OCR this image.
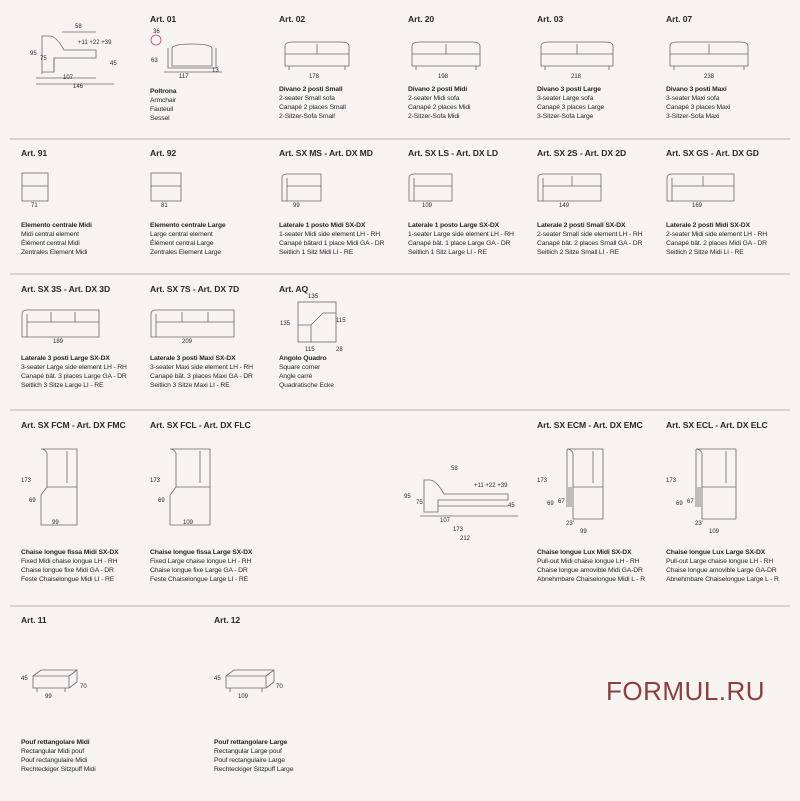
58
+11 +22 +39
95
75
45
107
146
Art. 01
36
63
117
13
Poltrona
Armchair
Fauteuil
Sessel
Art. 02
178
Divano 2 posti Small
2-seater Small sofa
Canapé 2 places Small
2-Sitzer-Sofa Small
Art. 20
198
Divano 2 posti Midi
2-seater Midi sofa
Canapé 2 places Midi
2-Sitzer-Sofa Midi
Art. 03
218
Divano 3 posti Large
3-seater Large sofa
Canapé 3 places Large
3-Sitzer-Sofa Large
Art. 07
238
Divano 3 posti Maxi
3-seater Maxi sofa
Canapé 3 places Maxi
3-Sitzer-Sofa Maxi
Art. 91
71
Elemento centrale Midi
Midi central element
Élément central Midi
Zentrales Element Midi
Art. 92
81
Elemento centrale Large
Large central element
Élément central Large
Zentrales Element Large
Art. SX MS - Art. DX MD
99
Laterale 1 posto Midi SX-DX
1-seater Midi side element LH - RH
Canapé bâtard 1 place Midi GA - DR
Seitlich 1 Sitz Midi LI - RE
Art. SX LS - Art. DX LD
109
Laterale 1 posto Large SX-DX
1-seater Large side element LH - RH
Canapé bât. 1 place Large GA - DR
Seitlich 1 Sitz Large LI - RE
Art. SX 2S - Art. DX 2D
149
Laterale 2 posti Small SX-DX
2-seater Small side element LH - RH
Canapé bât. 2 places Small GA - DR
Seitlich 2 Sitze Small LI - RE
Art. SX GS - Art. DX GD
169
Laterale 2 posti Midi SX-DX
2-seater Midi side element LH - RH
Canapé bât. 2 places Midi GA - DR
Seitlich 2 Sitze Midi LI - RE
Art. SX 3S - Art. DX 3D
189
Laterale 3 posti Large SX-DX
3-seater Large side element LH - RH
Canapé bât. 3 places Large GA - DR
Seitlich 3 Sitze Large LI - RE
Art. SX 7S - Art. DX 7D
209
Laterale 3 posti Maxi SX-DX
3-seater Maxi side element LH - RH
Canapé bât. 3 places Maxi GA - DR
Seitlich 3 Sitze Maxi LI - RE
Art. AQ
135
135	115
115	28
Angolo Quadro
Square corner
Angle carré
Quadratische Ecke
Art. SX FCM - Art. DX FMC
173
69
99
Chaise longue fissa Midi SX-DX
Fixed Midi chaise longue LH - RH
Chaise longue fixe Midi GA - DR
Feste Chaiselongue Midi LI - RE
Art. SX FCL - Art. DX FLC
173
69
109
Chaise longue fissa Large SX-DX
Fixed Large chaise longue LH - RH
Chaise longue fixe Large GA - DR
Feste Chaiselongue Large LI - RE
58
+11 +22 +39
95
75	45
107
173
212
Art. SX ECM - Art. DX EMC
173
69 67
23'
99
Chaise longue Lux Midi SX-DX
Pull-out Midi chaise longue LH - RH
Chaise longue amovible Midi GA-DR
Abnehmbare Chaiselongue Midi L - R
Art. SX ECL - Art. DX ELC
173
69 67
23'
109
Chaise longue Lux Large SX-DX
Pull-out Large chaise longue LH - RH
Chaise longue amovible Large GA-DR
Abnehmbare Chaiselongue Large L - R
Art. 11
45
70
99
Pouf rettangolare Midi
Rectangular Midi pouf
Pouf rectangulaire Midi
Rechteckiger Sitzpuff Midi
Art. 12
45
70
109
Pouf rettangolare Large
Rectangular Large pouf
Pouf rectangulaire Large
Rechteckiger Sitzpuff Large
FORMUL.RU
